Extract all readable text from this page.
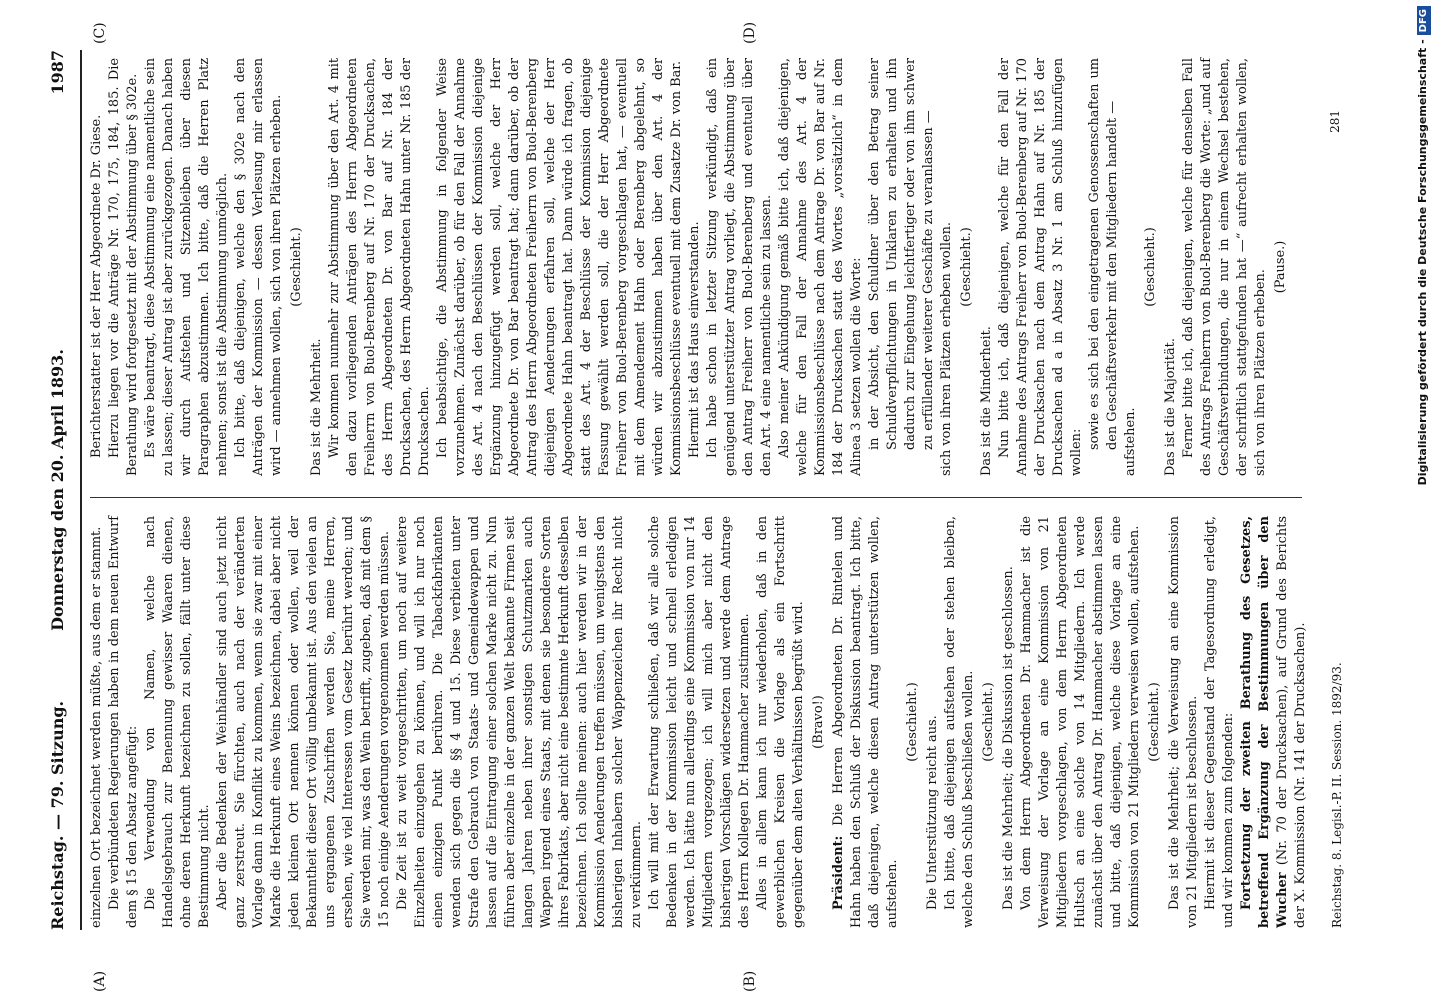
Reichstag. — 79. Sitzung.
Donnerstag den 20. April 1893.
1987
(A)	(B)
(C)	(D)

einzelnen Ort bezeichnet werden müßte, aus dem er stammt. Die verbündeten Regierungen haben in dem neuen Entwurf dem § 15 den Absatz angefügt: Die Verwendung von Namen, welche nach Handelsgebrauch zur Benennung gewisser Waaren dienen, ohne deren Herkunft bezeichnen zu sollen, fällt unter diese Bestimmung nicht. Aber die Bedenken der Weinhändler sind auch jetzt nicht ganz zerstreut. Sie fürchten, auch nach der veränderten Vorlage dann in Konflikt zu kommen, wenn sie zwar mit einer Marke die Herkunft eines Weins bezeichnen, dabei aber nicht jeden kleinen Ort nennen können oder wollen, weil der Bekanntheit dieser Ort völlig unbekannt ist. Aus den vielen an uns ergangenen Zuschriften werden Sie, meine Herren, ersehen, wie viel Interessen vom Gesetz berührt werden; und Sie werden mir, was den Wein betrifft, zugeben, daß mit dem § 15 noch einige Aenderungen vorgenommen werden müssen. Die Zeit ist zu weit vorgeschritten, um noch auf weitere Einzelheiten einzugehen zu können, und will ich nur noch einen einzigen Punkt berühren. Die Tabackfabrikanten wenden sich gegen die §§ 4 und 15. Diese verbieten unter Strafe den Gebrauch von Staats- und Gemeindewappen und lassen auf die Eintragung einer solchen Marke nicht zu. Nun führen aber einzelne in der ganzen Welt bekannte Firmen seit langen Jahren neben ihrer sonstigen Schutzmarken auch Wappen irgend eines Staats, mit denen sie besondere Sorten ihres Fabrikats, aber nicht eine bestimmte Herkunft desselben bezeichnen. Ich sollte meinen: auch hier werden wir in der Kommission Aenderungen treffen müssen, um wenigstens den bisherigen Inhabern solcher Wappenzeichen ihr Recht nicht zu verkümmern. Ich will mit der Erwartung schließen, daß wir alle solche Bedenken in der Kommission leicht und schnell erledigen werden. Ich hätte nun allerdings eine Kommission von nur 14 Mitgliedern vorgezogen; ich will mich aber nicht den bisherigen Vorschlägen widersetzen und werde dem Antrage des Herrn Kollegen Dr. Hammacher zustimmen. Alles in allem kann ich nur wiederholen, daß in den gewerblichen Kreisen die Vorlage als ein Fortschritt gegenüber dem alten Verhältnissen begrüßt wird. (Bravo!)

Präsident: Die Herren Abgeordneten Dr. Rintelen und Hahn haben den Schluß der Diskussion beantragt. Ich bitte, daß diejenigen, welche diesen Antrag unterstützen wollen, aufstehen.

(Geschieht.) Die Unterstützung reicht aus. Ich bitte, daß diejenigen aufstehen oder stehen bleiben, welche den Schluß beschließen wollen. (Geschieht.) Das ist die Mehrheit; die Diskussion ist geschlossen. Von dem Herrn Abgeordneten Dr. Hammacher ist die Verweisung der Vorlage an eine Kommission von 21 Mitgliedern vorgeschlagen, von dem Herrn Abgeordneten Hultsch an eine solche von 14 Mitgliedern. Ich werde zunächst über den Antrag Dr. Hammacher abstimmen lassen und bitte, daß diejenigen, welche diese Vorlage an eine Kommission von 21 Mitgliedern verweisen wollen, aufstehen. (Geschieht.) Das ist die Mehrheit; die Verweisung an eine Kommission von 21 Mitgliedern ist beschlossen. Hiermit ist dieser Gegenstand der Tagesordnung erledigt, und wir kommen zum folgenden: Fortsetzung der zweiten Berathung des Gesetzes, betreffend Ergänzung der Bestimmungen über den Wucher (Nr. 70 der Drucksachen), auf Grund des Berichts der X. Kommission (Nr. 141 der Drucksachen).

Berichterstatter ist der Herr Abgeordnete Dr. Giese. Hierzu liegen vor die Anträge Nr. 170, 175, 184, 185. Die Berathung wird fortgesetzt mit der Abstimmung über § 302e. Es wäre beantragt, diese Abstimmung eine namentliche sein zu lassen; dieser Antrag ist aber zurückgezogen. Danach haben wir durch Aufstehen und Sitzenbleiben über diesen Paragraphen abzustimmen. Ich bitte, daß die Herren Platz nehmen; sonst ist die Abstimmung unmöglich. Ich bitte, daß diejenigen, welche den § 302e nach den Anträgen der Kommission — dessen Verlesung mir erlassen wird — annehmen wollen, sich von ihren Plätzen erheben. (Geschieht.)

Das ist die Mehrheit. Wir kommen nunmehr zur Abstimmung über den Art. 4 mit den dazu vorliegenden Anträgen des Herrn Abgeordneten Freiherrn von Buol-Berenberg auf Nr. 170 der Drucksachen, des Herrn Abgeordneten Dr. von Bar auf Nr. 184 der Drucksachen, des Herrn Abgeordneten Hahn unter Nr. 185 der Drucksachen. Ich beabsichtige, die Abstimmung in folgender Weise vorzunehmen. Zunächst darüber, ob für den Fall der Annahme des Art. 4 nach den Beschlüssen der Kommission diejenige Ergänzung hinzugefügt werden soll, welche der Herr Abgeordnete Dr. von Bar beantragt hat; dann darüber, ob der Antrag des Herrn Abgeordneten Freiherrn von Buol-Berenberg diejenigen Aenderungen erfahren soll, welche der Herr Abgeordnete Hahn beantragt hat. Dann würde ich fragen, ob statt des Art. 4 der Beschlüsse der Kommission diejenige Fassung gewählt werden soll, die der Herr Abgeordnete Freiherr von Buol-Berenberg vorgeschlagen hat, — eventuell mit dem Amendement Hahn oder Berenberg abgelehnt, so würden wir abzustimmen haben über den Art. 4 der Kommissionsbeschlüsse eventuell mit dem Zusatze Dr. von Bar. Hiermit ist das Haus einverstanden. Ich habe schon in letzter Sitzung verkündigt, daß ein genügend unterstützter Antrag vorliegt, die Abstimmung über den Antrag Freiherr von Buol-Berenberg und eventuell über den Art. 4 eine namentliche sein zu lassen. Also meiner Ankündigung gemäß bitte ich, daß diejenigen, welche für den Fall der Annahme des Art. 4 der Kommissionsbeschlüsse nach dem Antrage Dr. von Bar auf Nr. 184 der Drucksachen statt des Wortes „vorsätzlich“ in dem Alinea 3 setzen wollen die Worte: in der Absicht, den Schuldner über den Betrag seiner Schuldverpflichtungen in Unklaren zu erhalten und ihn dadurch zur Eingehung leichtfertiger oder von ihm schwer zu erfüllender weiterer Geschäfte zu veranlassen — sich von ihren Plätzen erheben wollen. (Geschieht.)

Das ist die Minderheit. Nun bitte ich, daß diejenigen, welche für den Fall der Annahme des Antrags Freiherr von Buol-Berenberg auf Nr. 170 der Drucksachen nach dem Antrag Hahn auf Nr. 185 der Drucksachen ad a in Absatz 3 Nr. 1 am Schluß hinzufügen wollen:

sowie es sich bei den eingetragenen Genossenschaften um den Geschäftsverkehr mit den Mitgliedern handelt — aufstehen.

(Geschieht.)

Das ist die Majorität. Ferner bitte ich, daß diejenigen, welche für denselben Fall des Antrags Freiherrn von Buol-Berenberg die Worte: „und auf Geschäftsverbindungen, die nur in einem Wechsel bestehen, der schriftlich stattgefunden hat —“ aufrecht erhalten wollen, sich von ihren Plätzen erheben.

(Pause.)

Reichstag. 8. Legisl.-P. II. Session. 1892/93.
281	Digitalisierung gefördert durch die Deutsche Forschungsgemeinschaft -DFG
